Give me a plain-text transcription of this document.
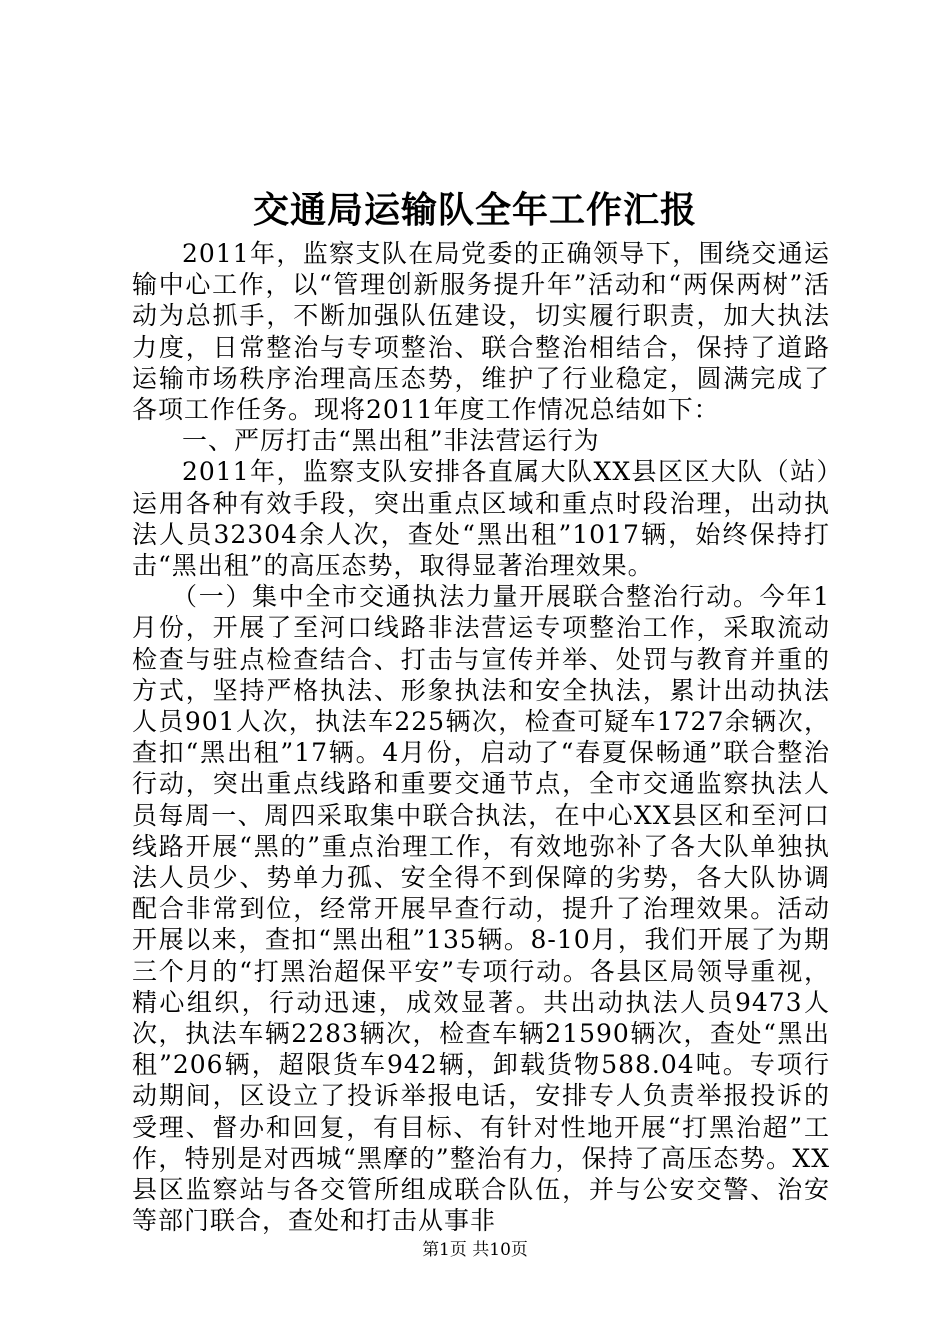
交通局运输队全年工作汇报

2011年，监察支队在局党委的正确领导下，围绕交通运输中心工作，以“管理创新服务提升年”活动和“两保两树”活动为总抓手，不断加强队伍建设，切实履行职责，加大执法力度，日常整治与专项整治、联合整治相结合，保持了道路运输市场秩序治理高压态势，维护了行业稳定，圆满完成了各项工作任务。现将2011年度工作情况总结如下：

一、严厉打击“黑出租”非法营运行为

2011年，监察支队安排各直属大队XX县区区大队（站）运用各种有效手段，突出重点区域和重点时段治理，出动执法人员32304余人次，查处“黑出租”1017辆，始终保持打击“黑出租”的高压态势，取得显著治理效果。

（一）集中全市交通执法力量开展联合整治行动。今年1月份，开展了至河口线路非法营运专项整治工作，采取流动检查与驻点检查结合、打击与宣传并举、处罚与教育并重的方式，坚持严格执法、形象执法和安全执法，累计出动执法人员901人次，执法车225辆次，检查可疑车1727余辆次，查扣“黑出租”17辆。4月份，启动了“春夏保畅通”联合整治行动，突出重点线路和重要交通节点，全市交通监察执法人员每周一、周四采取集中联合执法，在中心XX县区和至河口线路开展“黑的”重点治理工作，有效地弥补了各大队单独执法人员少、势单力孤、安全得不到保障的劣势，各大队协调配合非常到位，经常开展早查行动，提升了治理效果。活动开展以来，查扣“黑出租”135辆。8-10月，我们开展了为期三个月的“打黑治超保平安”专项行动。各县区局领导重视，精心组织，行动迅速，成效显著。共出动执法人员9473人次，执法车辆2283辆次，检查车辆21590辆次，查处“黑出租”206辆，超限货车942辆，卸载货物588.04吨。专项行动期间，区设立了投诉举报电话，安排专人负责举报投诉的受理、督办和回复，有目标、有针对性地开展“打黑治超”工作，特别是对西城“黑摩的”整治有力，保持了高压态势。XX县区监察站与各交管所组成联合队伍，并与公安交警、治安等部门联合，查处和打击从事非

第1页 共10页
